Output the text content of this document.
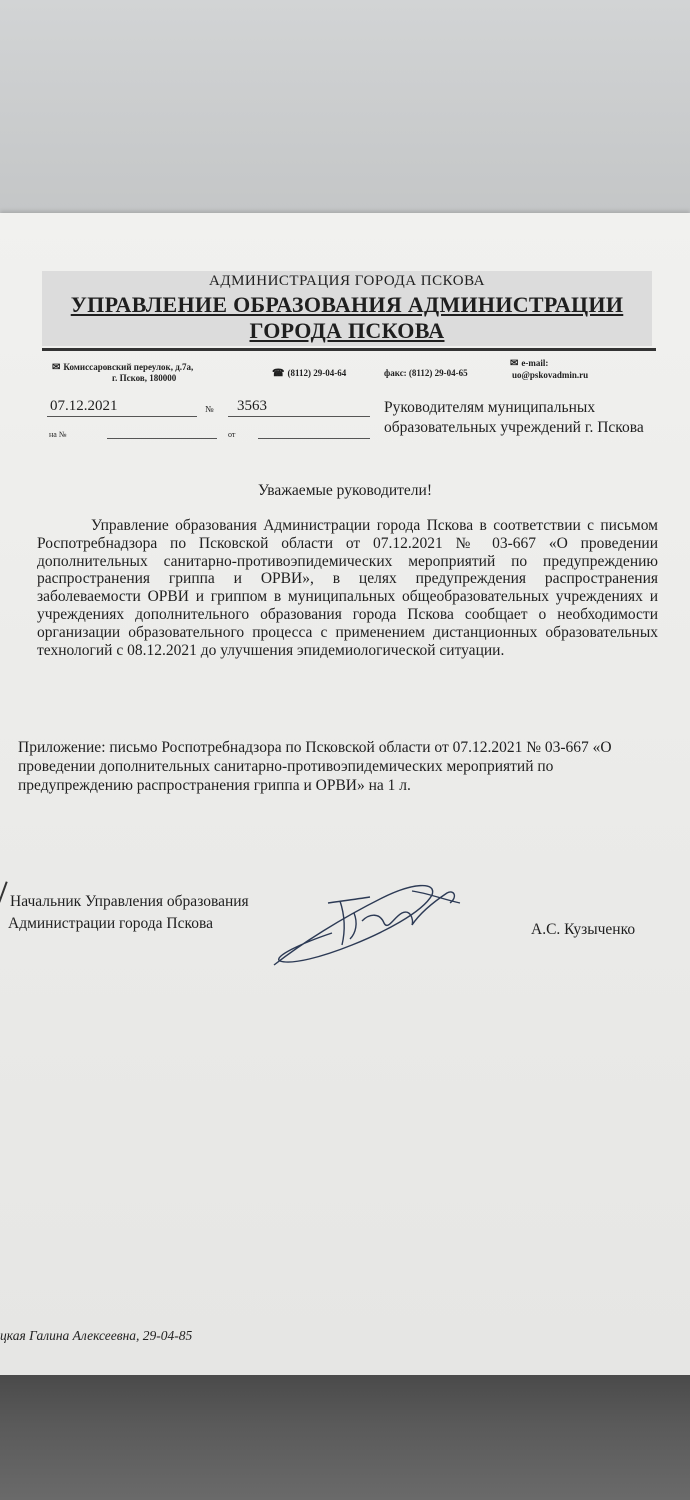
АДМИНИСТРАЦИЯ ГОРОДА ПСКОВА
УПРАВЛЕНИЕ ОБРАЗОВАНИЯ АДМИНИСТРАЦИИ
ГОРОДА ПСКОВА
✉ Комиссаровский переулок, д.7а,
г. Псков, 180000	☎ (8112) 29-04-64	факс: (8112) 29-04-65
✉ e-mail:
uo@pskovadmin.ru
07.12.2021	№ 3563
на №	от
Руководителям муниципальных образовательных учреждений г. Пскова
Уважаемые руководители!
Управление образования Администрации города Пскова в соответствии с письмом Роспотребнадзора по Псковской области от 07.12.2021 № 03-667 «О проведении дополнительных санитарно-противоэпидемических мероприятий по предупреждению распространения гриппа и ОРВИ», в целях предупреждения распространения заболеваемости ОРВИ и гриппом в муниципальных общеобразовательных учреждениях и учреждениях дополнительного образования города Пскова сообщает о необходимости организации образовательного процесса с применением дистанционных образовательных технологий с 08.12.2021 до улучшения эпидемиологической ситуации.
Приложение: письмо Роспотребнадзора по Псковской области от 07.12.2021 № 03-667 «О проведении дополнительных санитарно-противоэпидемических мероприятий по предупреждению распространения гриппа и ОРВИ» на 1 л.
Начальник Управления образования
Администрации города Пскова	А.С. Кузыченко
цкая Галина Алексеевна, 29-04-85
